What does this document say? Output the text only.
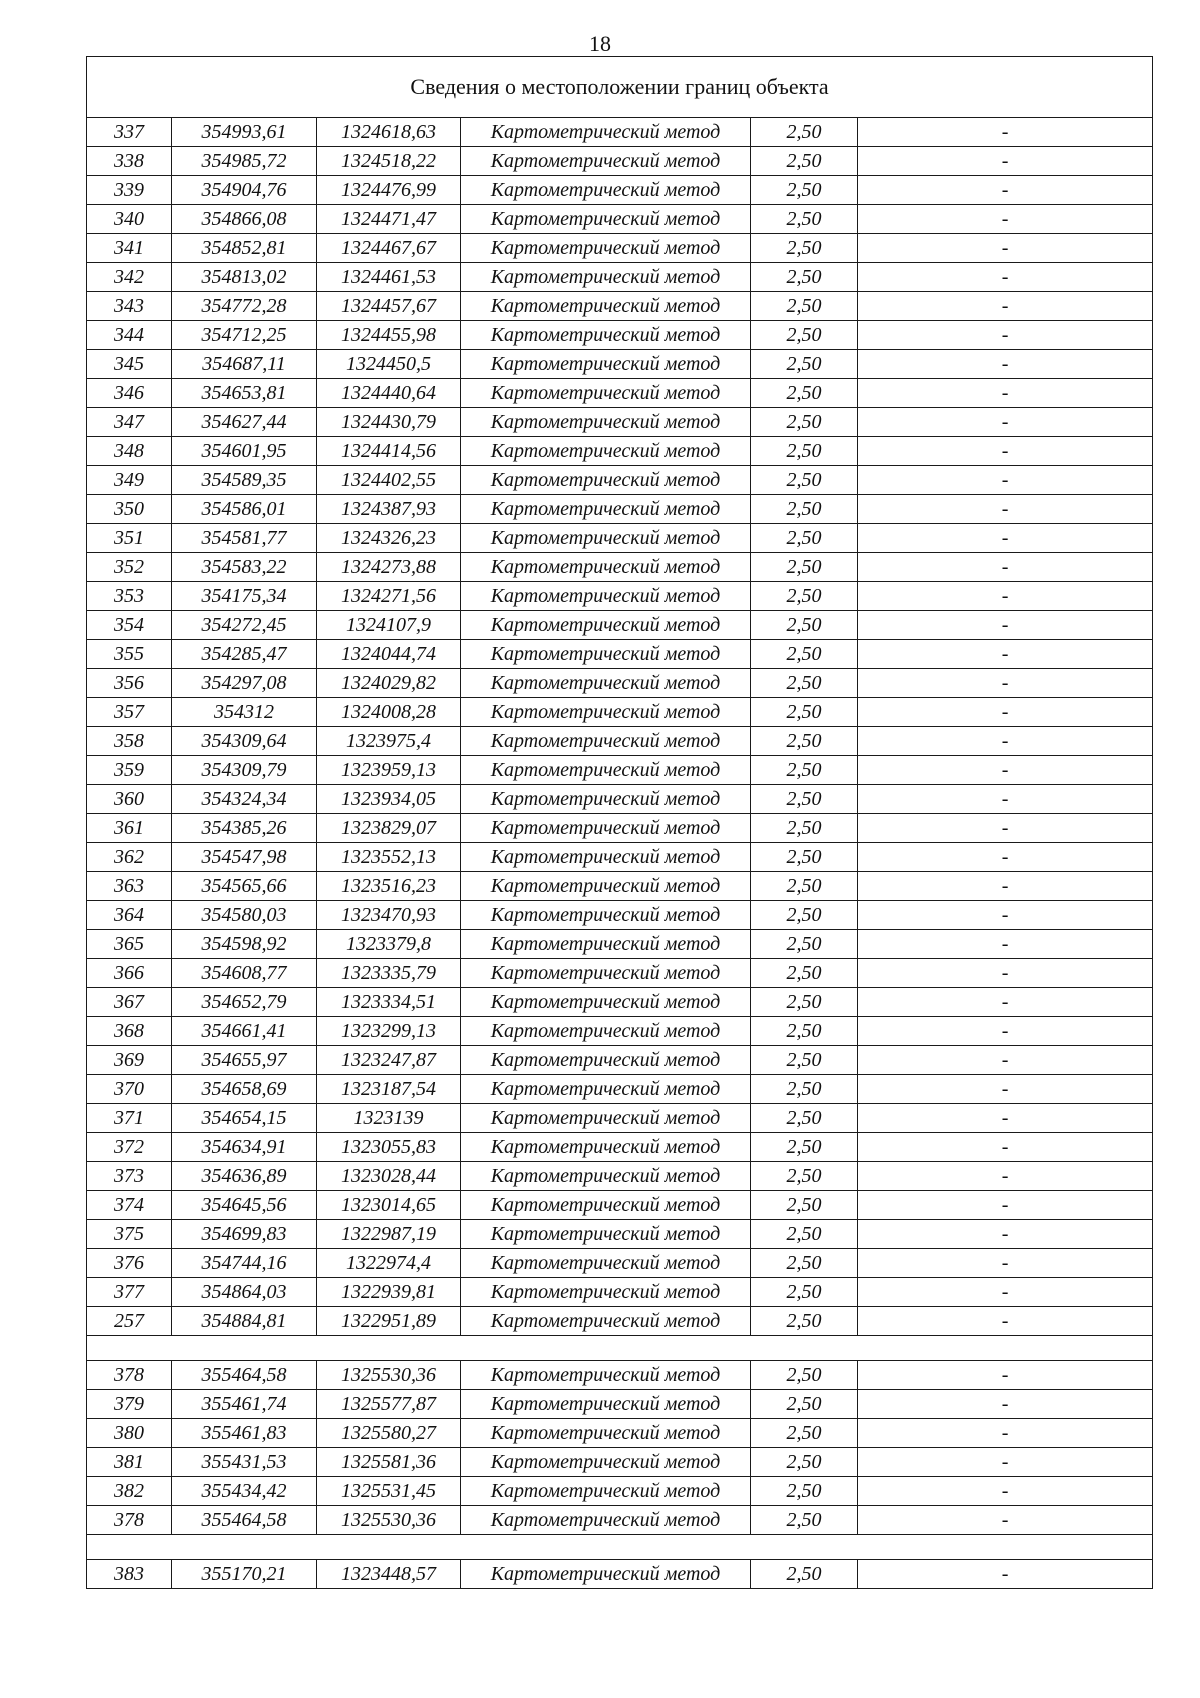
18
Сведения о местоположении границ объекта					
337	354993,61	1324618,63	Картометрический метод	2,50	-
338	354985,72	1324518,22	Картометрический метод	2,50	-
339	354904,76	1324476,99	Картометрический метод	2,50	-
340	354866,08	1324471,47	Картометрический метод	2,50	-
341	354852,81	1324467,67	Картометрический метод	2,50	-
342	354813,02	1324461,53	Картометрический метод	2,50	-
343	354772,28	1324457,67	Картометрический метод	2,50	-
344	354712,25	1324455,98	Картометрический метод	2,50	-
345	354687,11	1324450,5	Картометрический метод	2,50	-
346	354653,81	1324440,64	Картометрический метод	2,50	-
347	354627,44	1324430,79	Картометрический метод	2,50	-
348	354601,95	1324414,56	Картометрический метод	2,50	-
349	354589,35	1324402,55	Картометрический метод	2,50	-
350	354586,01	1324387,93	Картометрический метод	2,50	-
351	354581,77	1324326,23	Картометрический метод	2,50	-
352	354583,22	1324273,88	Картометрический метод	2,50	-
353	354175,34	1324271,56	Картометрический метод	2,50	-
354	354272,45	1324107,9	Картометрический метод	2,50	-
355	354285,47	1324044,74	Картометрический метод	2,50	-
356	354297,08	1324029,82	Картометрический метод	2,50	-
357	354312	1324008,28	Картометрический метод	2,50	-
358	354309,64	1323975,4	Картометрический метод	2,50	-
359	354309,79	1323959,13	Картометрический метод	2,50	-
360	354324,34	1323934,05	Картометрический метод	2,50	-
361	354385,26	1323829,07	Картометрический метод	2,50	-
362	354547,98	1323552,13	Картометрический метод	2,50	-
363	354565,66	1323516,23	Картометрический метод	2,50	-
364	354580,03	1323470,93	Картометрический метод	2,50	-
365	354598,92	1323379,8	Картометрический метод	2,50	-
366	354608,77	1323335,79	Картометрический метод	2,50	-
367	354652,79	1323334,51	Картометрический метод	2,50	-
368	354661,41	1323299,13	Картометрический метод	2,50	-
369	354655,97	1323247,87	Картометрический метод	2,50	-
370	354658,69	1323187,54	Картометрический метод	2,50	-
371	354654,15	1323139	Картометрический метод	2,50	-
372	354634,91	1323055,83	Картометрический метод	2,50	-
373	354636,89	1323028,44	Картометрический метод	2,50	-
374	354645,56	1323014,65	Картометрический метод	2,50	-
375	354699,83	1322987,19	Картометрический метод	2,50	-
376	354744,16	1322974,4	Картометрический метод	2,50	-
377	354864,03	1322939,81	Картометрический метод	2,50	-
257	354884,81	1322951,89	Картометрический метод	2,50	-

378	355464,58	1325530,36	Картометрический метод	2,50	-
379	355461,74	1325577,87	Картометрический метод	2,50	-
380	355461,83	1325580,27	Картометрический метод	2,50	-
381	355431,53	1325581,36	Картометрический метод	2,50	-
382	355434,42	1325531,45	Картометрический метод	2,50	-
378	355464,58	1325530,36	Картометрический метод	2,50	-

383	355170,21	1323448,57	Картометрический метод	2,50	-
